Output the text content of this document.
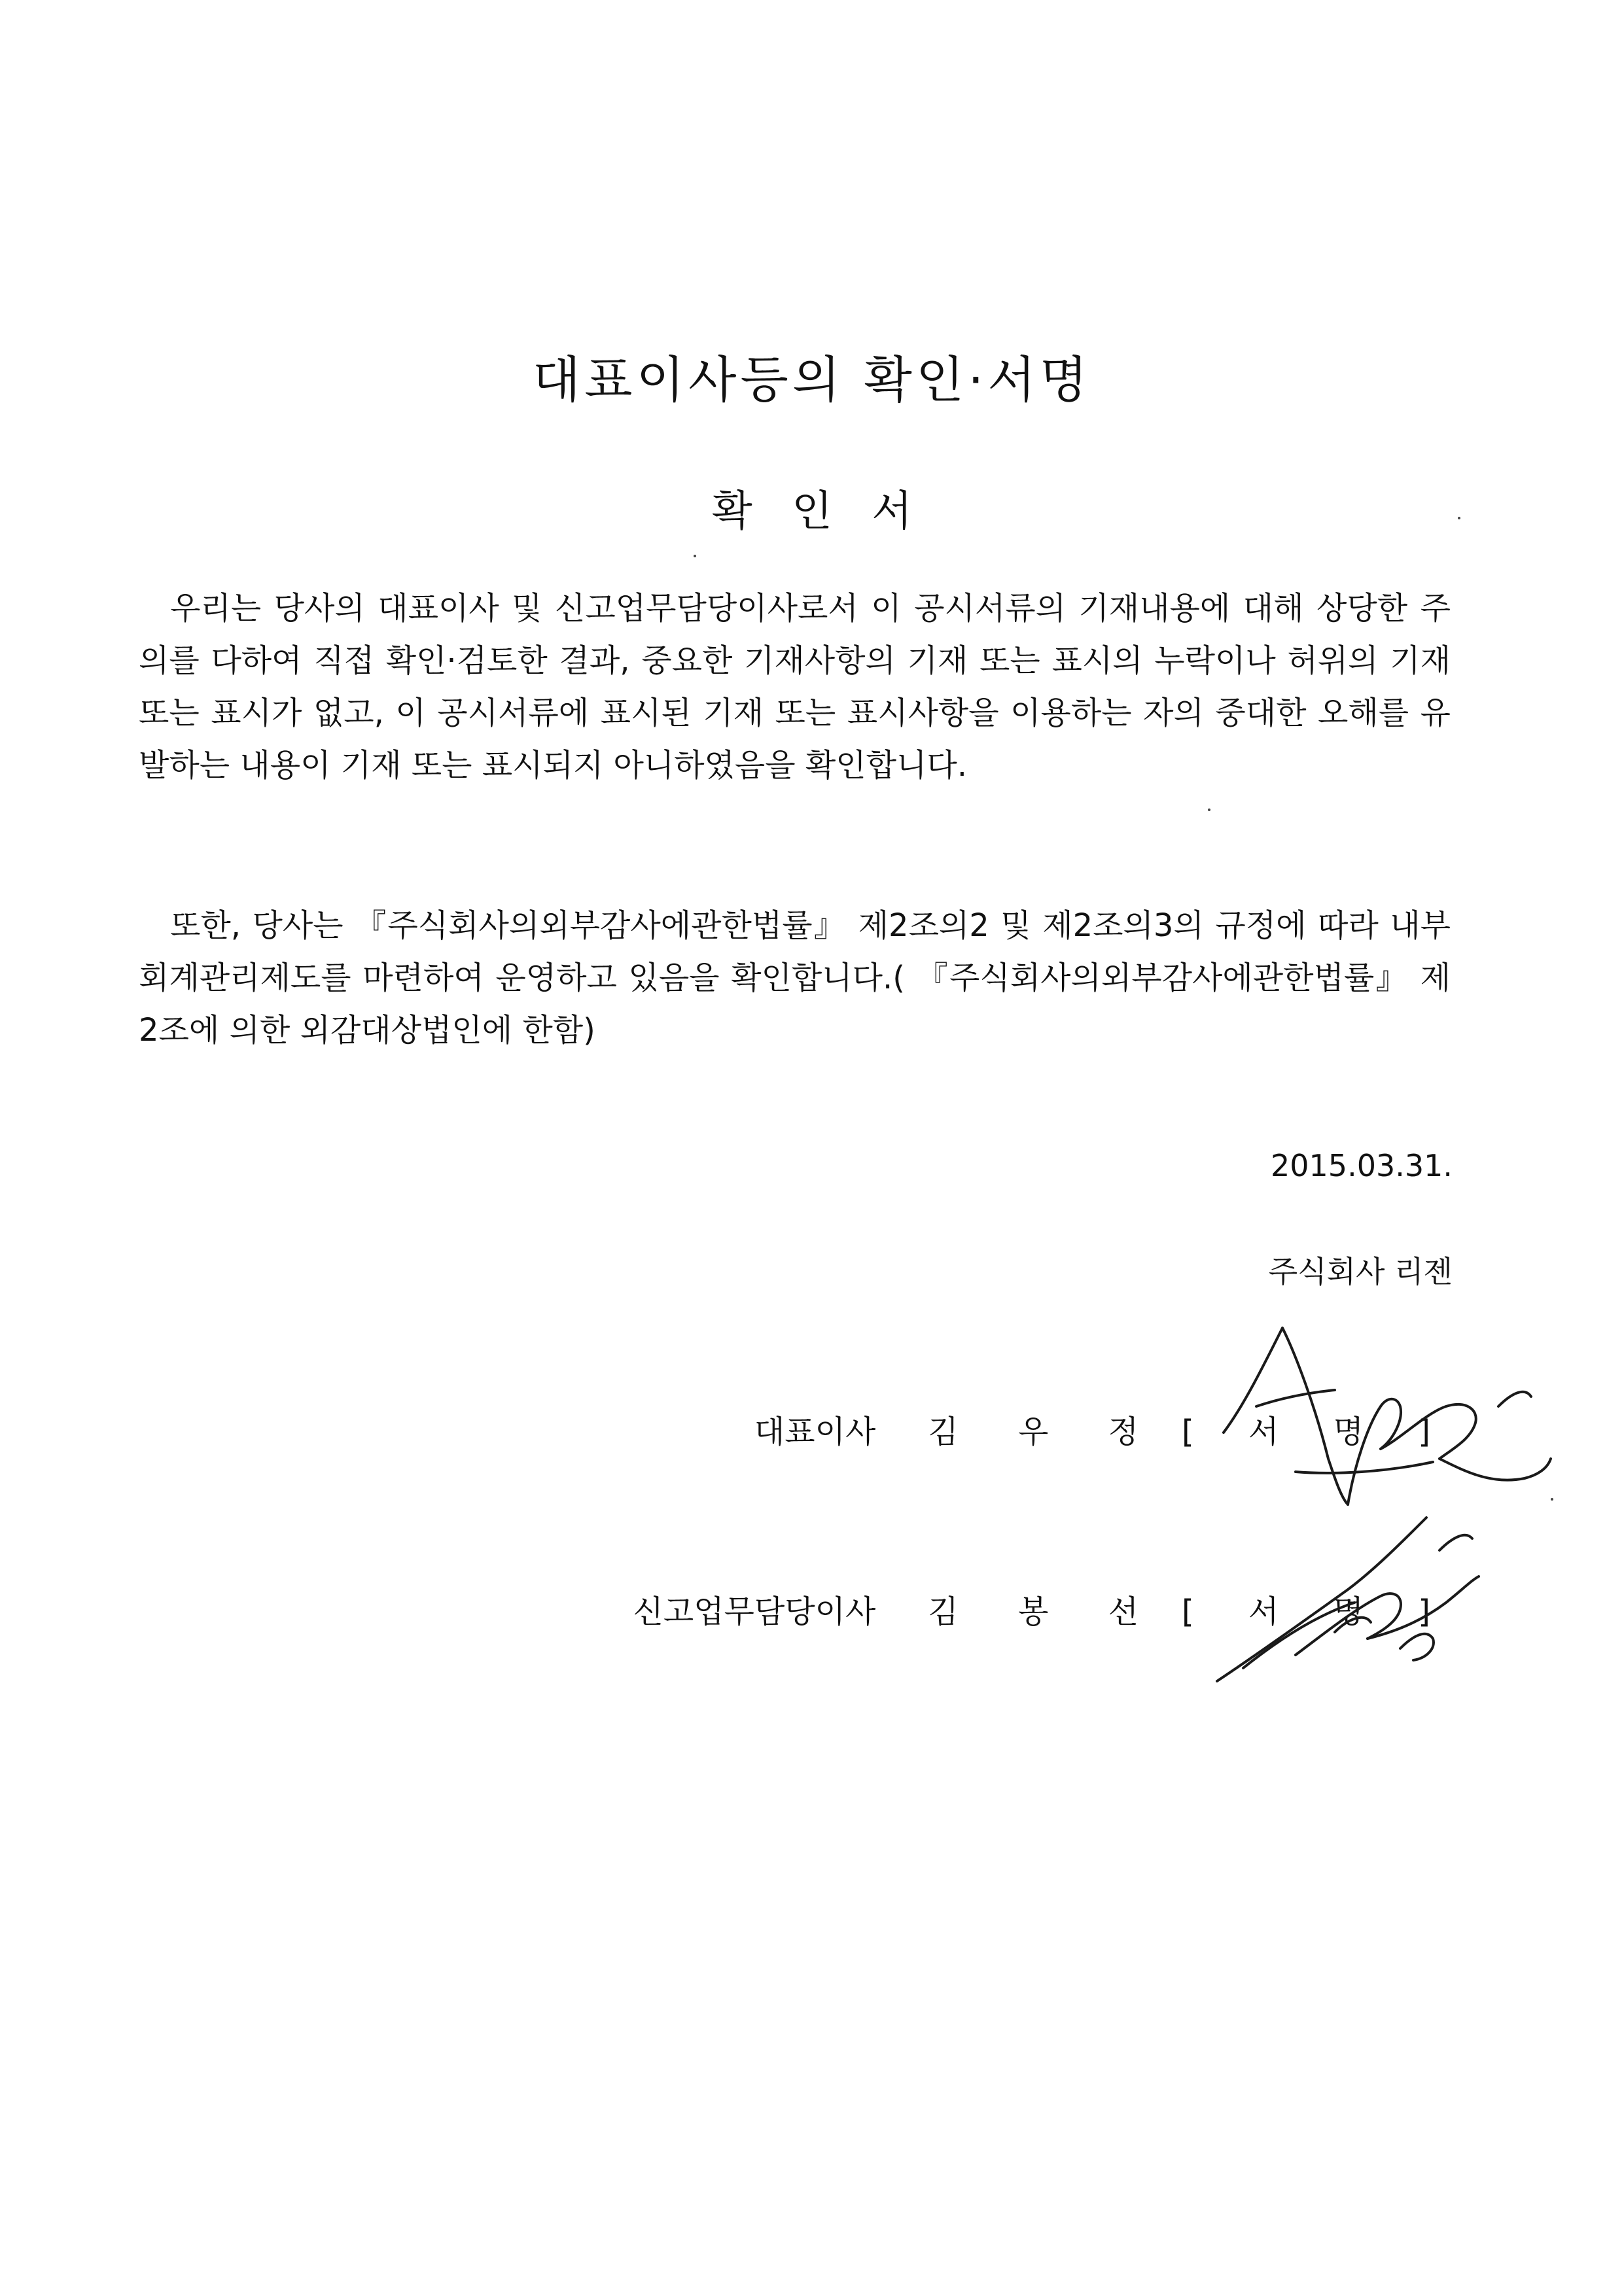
대표이사등의 확인·서명
확 인 서
우리는 당사의 대표이사 및 신고업무담당이사로서 이 공시서류의 기재내용에 대해 상당한 주의를 다하여 직접 확인·검토한 결과, 중요한 기재사항의 기재 또는 표시의 누락이나 허위의 기재 또는 표시가 없고, 이 공시서류에 표시된 기재 또는 표시사항을 이용하는 자의 중대한 오해를 유발하는 내용이 기재 또는 표시되지 아니하였음을 확인합니다.
또한, 당사는 『주식회사의외부감사에관한법률』 제2조의2 및 제2조의3의 규정에 따라 내부회계관리제도를 마련하여 운영하고 있음을 확인합니다.( 『주식회사의외부감사에관한법률』 제2조에 의한 외감대상법인에 한함)
2015.03.31.
주식회사 리젠
대표이사 김 우 정 [ 서 명 ]
신고업무담당이사 김 봉 선 [ 서 명 ]
